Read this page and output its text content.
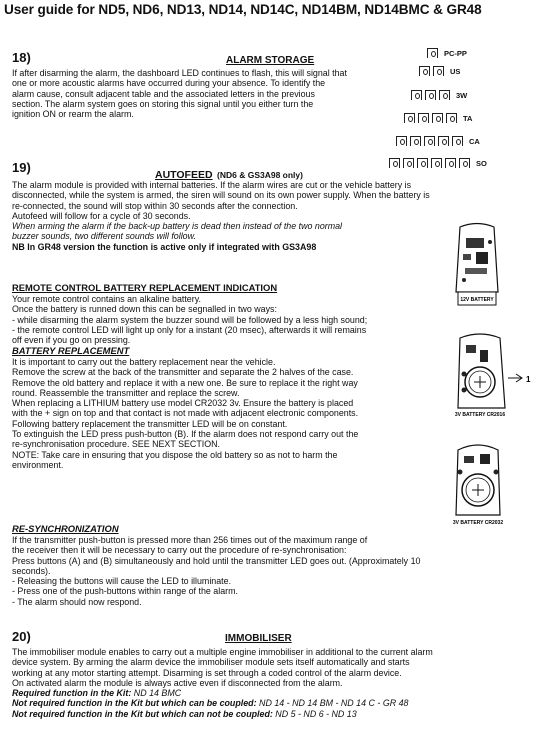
User guide for ND5, ND6, ND13, ND14, ND14C, ND14BM, ND14BMC & GR48
18)	ALARM STORAGE
If after disarming the alarm, the dashboard LED continues to flash, this will signal that
one or more acoustic alarms have occurred during your absence. To identify the
alarm cause, consult adjacent table and the associated letters in the previous
section. The alarm system goes on storing this signal until you either turn the
ignition ON or rearm the alarm.
PC-PP
US
3W
TA
CA
SO
19)	AUTOFEED (ND6 & GS3A98 only)
The alarm module is provided with internal batteries. If the alarm wires are cut or the vehicle battery is
disconnected, while the system is armed, the siren will sound on its own power supply. When the battery is
re-connected, the sound will stop within 30 seconds after the connection.
Autofeed will follow for a cycle of 30 seconds.
When arming the alarm if the back-up battery is dead then instead of the two normal
buzzer sounds, two different sounds will follow.
NB In GR48 version the function is active only if integrated with GS3A98
12V BATTERY
REMOTE CONTROL BATTERY REPLACEMENT INDICATION
Your remote control contains an alkaline battery.
Once the battery is runned down this can be segnalled in two ways:
- while disarming the alarm system the buzzer sound will be followed by a less high sound;
- the remote control LED will light up only for a instant (20 msec), afterwards it will remains
off even if you go on pressing.
1
3V BATTERY CR2016
BATTERY REPLACEMENT
It is important to carry out the battery replacement near the vehicle.
Remove the screw at the back of the transmitter and separate the 2 halves of the case.
Remove the old battery and replace it with a new one. Be sure to replace it the right way
round. Reassemble the transmitter and replace the screw.
When replacing a LITHIUM battery use model CR2032 3v. Ensure the battery is placed
with the + sign on top and that contact is not made with adjacent electronic components.
Following battery replacement the transmitter LED will be on constant.
To extinguish the LED press push-button (B). If the alarm does not respond carry out the
re-synchronisation procedure. SEE NEXT SECTION.
NOTE: Take care in ensuring that you dispose the old battery so as not to harm the
environment.
3V BATTERY CR2032
RE-SYNCHRONIZATION
If the transmitter push-button is pressed more than 256 times out of the maximum range of
the receiver then it will be necessary to carry out the procedure of re-synchronisation:
Press buttons (A) and (B) simultaneously and hold until the transmitter LED goes out. (Approximately 10
seconds).
- Releasing the buttons will cause the LED to illuminate.
- Press one of the push-buttons within range of the alarm.
- The alarm should now respond.
20)	IMMOBILISER
The immobiliser module enables to carry out a multiple engine immobiliser in additional to the current alarm
device system. By arming the alarm device the immobiliser module sets itself automatically and starts
working at any motor starting attempt. Disarming is set through a coded control of the alarm device.
On activated alarm the module is always active even if disconnected from the alarm.
Required function in the Kit: ND 14 BMC
Not required function in the Kit but which can be coupled: ND 14 - ND 14 BM - ND 14 C - GR 48
Not required function in the Kit but which can not be coupled: ND 5 - ND 6 - ND 13
